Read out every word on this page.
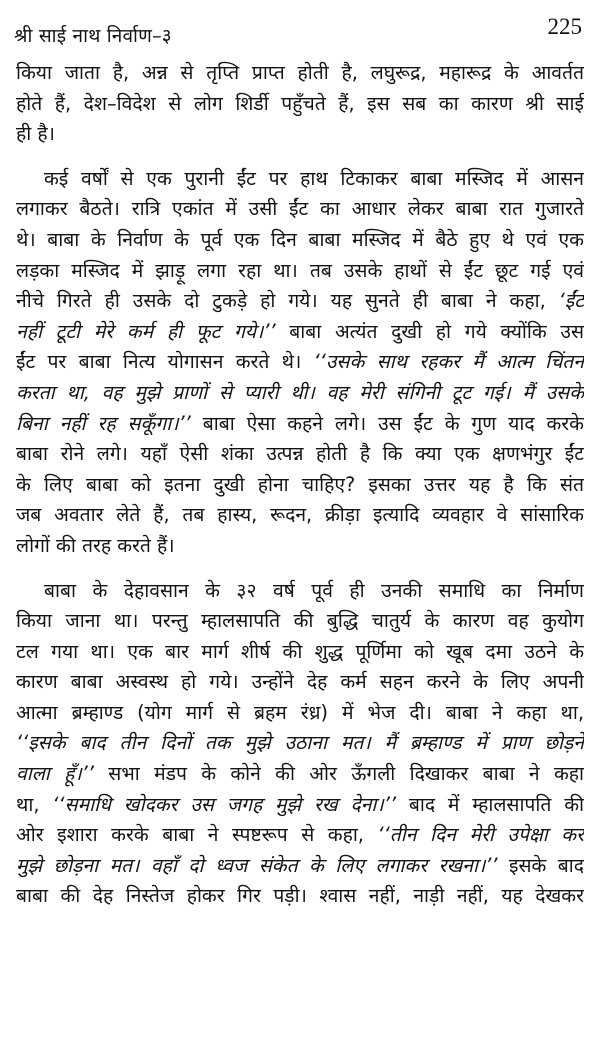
श्री साई नाथ निर्वाण–३	225
किया जाता है, अन्न से तृप्ति प्राप्त होती है, लघुरूद्र, महारूद्र के आवर्तत
होते हैं, देश–विदेश से लोग शिर्डी पहुँचते हैं, इस सब का कारण श्री साई
ही है।
कई वर्षों से एक पुरानी ईंट पर हाथ टिकाकर बाबा मस्जिद में आसन
लगाकर बैठते। रात्रि एकांत में उसी ईंट का आधार लेकर बाबा रात गुजारते
थे। बाबा के निर्वाण के पूर्व एक दिन बाबा मस्जिद में बैठे हुए थे एवं एक
लड़का मस्जिद में झाड़ू लगा रहा था। तब उसके हाथों से ईंट छूट गई एवं
नीचे गिरते ही उसके दो टुकड़े हो गये। यह सुनते ही बाबा ने कहा, ‘ईंट
नहीं टूटी मेरे कर्म ही फूट गये।’’ बाबा अत्यंत दुखी हो गये क्योंकि उस
ईंट पर बाबा नित्य योगासन करते थे। ‘‘उसके साथ रहकर मैं आत्म चिंतन
करता था, वह मुझे प्राणों से प्यारी थी। वह मेरी संगिनी टूट गई। मैं उसके
बिना नहीं रह सकूँगा।’’ बाबा ऐसा कहने लगे। उस ईंट के गुण याद करके
बाबा रोने लगे। यहाँ ऐसी शंका उत्पन्न होती है कि क्या एक क्षणभंगुर ईंट
के लिए बाबा को इतना दुखी होना चाहिए? इसका उत्तर यह है कि संत
जब अवतार लेते हैं, तब हास्य, रूदन, क्रीड़ा इत्यादि व्यवहार वे सांसारिक
लोगों की तरह करते हैं।
बाबा के देहावसान के ३२ वर्ष पूर्व ही उनकी समाधि का निर्माण
किया जाना था। परन्तु म्हालसापति की बुद्धि चातुर्य के कारण वह कुयोग
टल गया था। एक बार मार्ग शीर्ष की शुद्ध पूर्णिमा को खूब दमा उठने के
कारण बाबा अस्वस्थ हो गये। उन्होंने देह कर्म सहन करने के लिए अपनी
आत्मा ब्रम्हाण्ड (योग मार्ग से ब्रहम रंध्र) में भेज दी। बाबा ने कहा था,
‘‘इसके बाद तीन दिनों तक मुझे उठाना मत। मैं ब्रम्हाण्ड में प्राण छोड़ने
वाला हूँ।’’ सभा मंडप के कोने की ओर ऊँगली दिखाकर बाबा ने कहा
था, ‘‘समाधि खोदकर उस जगह मुझे रख देना।’’ बाद में म्हालसापति की
ओर इशारा करके बाबा ने स्पष्टरूप से कहा, ‘‘तीन दिन मेरी उपेक्षा कर
मुझे छोड़ना मत। वहाँ दो ध्वज संकेत के लिए लगाकर रखना।’’ इसके बाद
बाबा की देह निस्तेज होकर गिर पड़ी। श्वास नहीं, नाड़ी नहीं, यह देखकर
